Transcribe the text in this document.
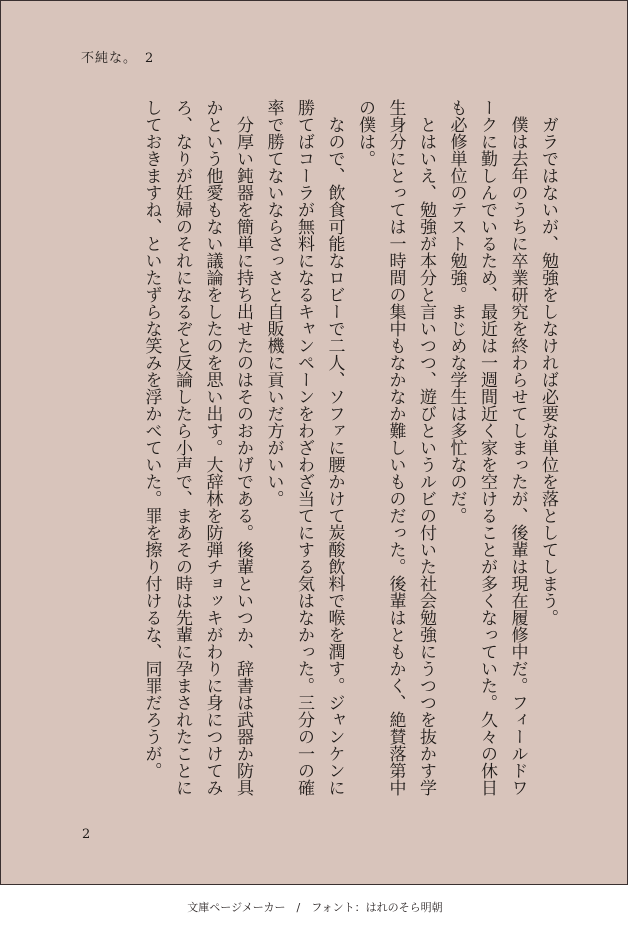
不純な。 2

　ガラではないが、勉強をしなければ必要な単位を落としてしまう。

　僕は去年のうちに卒業研究を終わらせてしまったが、後輩は現在履修中だ。フィールドワークに勤しんでいるため、最近は一週間近く家を空けることが多くなっていた。久々の休日も必修単位のテスト勉強。まじめな学生は多忙なのだ。

　とはいえ、勉強が本分と言いつつ、遊びというルビの付いた社会勉強にうつつを抜かす学生身分にとっては一時間の集中もなかなか難しいものだった。後輩はともかく、絶賛落第中の僕は。

　なので、飲食可能なロビーで二人、ソファに腰かけて炭酸飲料で喉を潤す。ジャンケンに勝てばコーラが無料になるキャンペーンをわざわざ当てにする気はなかった。三分の一の確率で勝てないならさっさと自販機に貢いだ方がいい。

　分厚い鈍器を簡単に持ち出せたのはそのおかげである。後輩といつか、辞書は武器か防具かという他愛もない議論をしたのを思い出す。大辞林を防弾チョッキがわりに身につけてみろ、なりが妊婦のそれになるぞと反論したら小声で、まあその時は先輩に孕まされたことにしておきますね、といたずらな笑みを浮かべていた。罪を擦り付けるな、同罪だろうが。

2
文庫ページメーカー　/　フォント：はれのそら明朝
